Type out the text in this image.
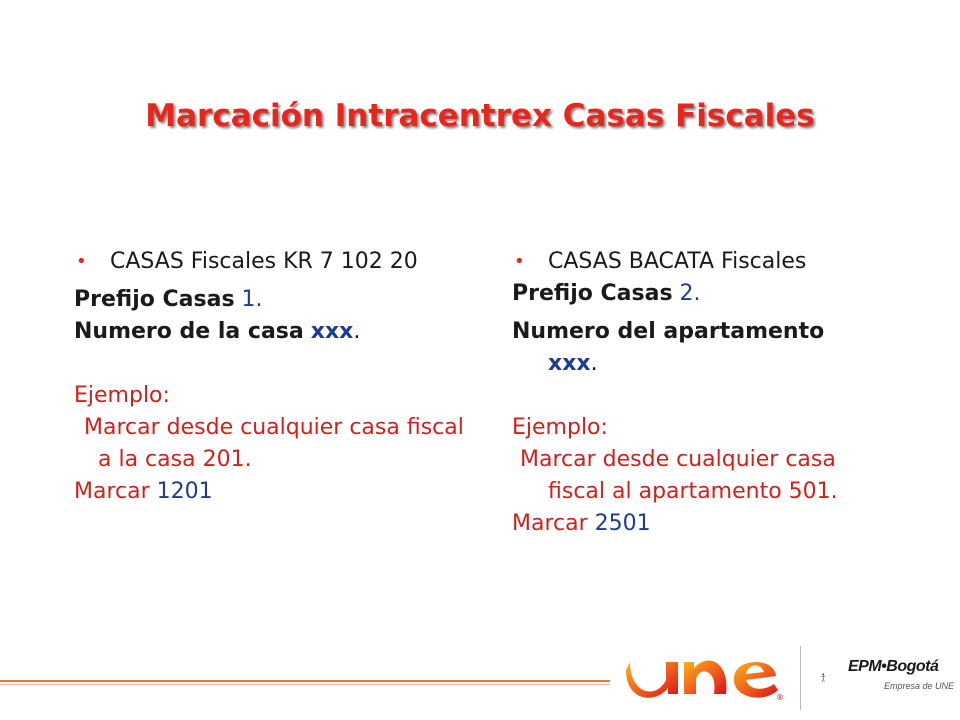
Marcación Intracentrex Casas Fiscales
• CASAS Fiscales KR 7 102 20
Prefijo Casas 1.
Numero de la casa xxx.
Ejemplo:
Marcar desde cualquier casa fiscal a la casa 201.
Marcar 1201
• CASAS BACATA Fiscales
Prefijo Casas 2.
Numero del apartamento xxx.
Ejemplo:
Marcar desde cualquier casa fiscal al apartamento 501.
Marcar 2501
®
EPM•Bogotá
Empresa de UNE
